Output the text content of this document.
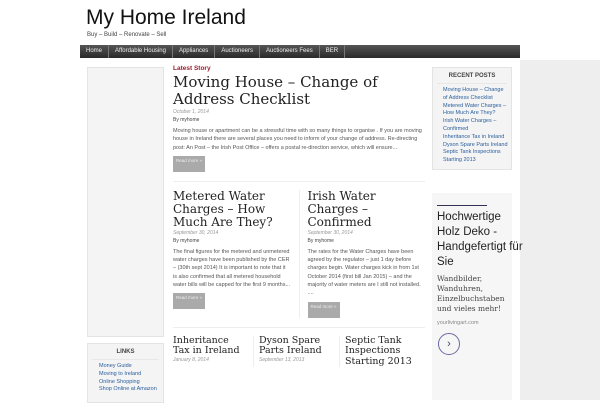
My Home Ireland
Buy – Build – Renovate – Sell
Home	Affordable Housing	Appliances	Auctioneers	Auctioneers Fees	BER
LINKS
Money Guide
Moving to Ireland
Online Shopping
Shop Online at Amazon
Latest Story
Moving House – Change of Address Checklist
October 1, 2014
By myhome
Moving house or apartment can be a stressful time with so many things to organise . If you are moving house in Ireland there are several places you need to inform of your change of address. Re-directing post: An Post – the Irish Post Office – offers a postal re-direction service, which will ensure...
Read more »
Metered Water Charges – How Much Are They?
September 30, 2014
By myhome
The final figures for the metered and unmetered water charges have been published by the CER – (30th sept 2014) It is important to note that it is also confirmed that all metered household water bills will be capped for the first 9 months...
Read more »
Irish Water Charges – Confirmed
September 30, 2014
By myhome
The rates for the Water Charges have been agreed by the regulator – just 1 day before charges begin. Water charges kick in from 1st October 2014 (first bill Jan 2015) – and the majority of water meters are I still not installed. ....
Read more »
Inheritance Tax in Ireland
January 8, 2014
Dyson Spare Parts Ireland
September 13, 2013
Septic Tank Inspections Starting 2013
RECENT POSTS
Moving House – Change of Address Checklist
Metered Water Charges – How Much Are They?
Irish Water Charges – Confirmed
Inheritance Tax in Ireland
Dyson Spare Parts Ireland
Septic Tank Inspections Starting 2013
Hochwertige Holz Deko - Handgefertigt für Sie
Wandbilder, Wanduhren, Einzelbuchstaben und vieles mehr!
yourlivingart.com
›
